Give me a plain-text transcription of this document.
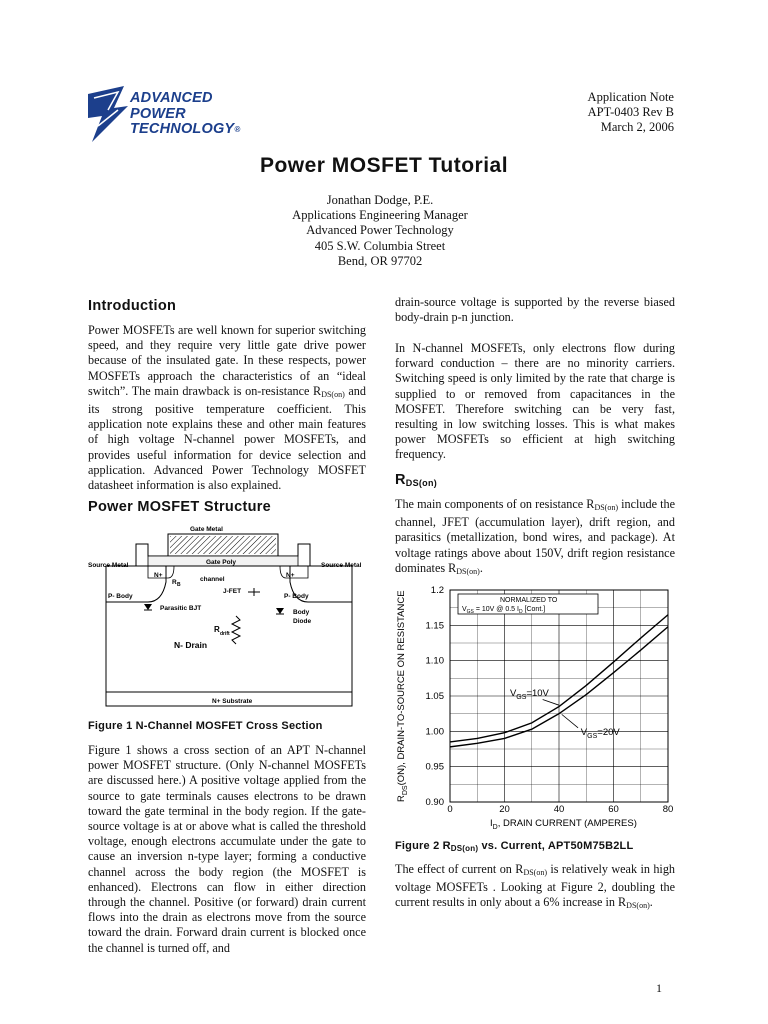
ADVANCED
POWER
TECHNOLOGY®
Application Note
APT-0403 Rev B
March 2, 2006
Power MOSFET Tutorial
Jonathan Dodge, P.E.
Applications Engineering Manager
Advanced Power Technology
405 S.W. Columbia Street
Bend, OR 97702
Introduction
Power MOSFETs are well known for superior switching speed, and they require very little gate drive power because of the insulated gate. In these respects, power MOSFETs approach the characteristics of an “ideal switch”. The main drawback is on-resistance $R_{DS(on)}$ and its strong positive temperature coefficient. This application note explains these and other main features of high voltage N-channel power MOSFETs, and provides useful information for device selection and application. Advanced Power Technology MOSFET datasheet information is also explained.
Power MOSFET Structure
Gate Metal
Gate Poly
Source Metal	Source Metal
N+	N+
R B
channel
J-FET
P- Body	P- Body
Parasitic BJT
Body
Diode
R drift
N- Drain
N+ Substrate
Figure 1 N-Channel MOSFET Cross Section
Figure 1 shows a cross section of an APT N-channel power MOSFET structure. (Only N-channel MOSFETs are discussed here.) A positive voltage applied from the source to gate terminals causes electrons to be drawn toward the gate terminal in the body region. If the gate-source voltage is at or above what is called the threshold voltage, enough electrons accumulate under the gate to cause an inversion n-type layer; forming a conductive channel across the body region (the MOSFET is enhanced). Electrons can flow in either direction through the channel. Positive (or forward) drain current flows into the drain as electrons move from the source toward the drain. Forward drain current is blocked once the channel is turned off, and
drain-source voltage is supported by the reverse biased body-drain p-n junction.
In N-channel MOSFETs, only electrons flow during forward conduction – there are no minority carriers. Switching speed is only limited by the rate that charge is supplied to or removed from capacitances in the MOSFET. Therefore switching can be very fast, resulting in low switching losses. This is what makes power MOSFETs so efficient at high switching frequency.
$R_{DS(on)}$
The main components of on resistance $R_{DS(on)}$ include the channel, JFET (accumulation layer), drift region, and parasitics (metallization, bond wires, and package). At voltage ratings above about 150V, drift region resistance dominates $R_{DS(on)}$.
0	20	40	60	80
0.90
0.95
1.00
1.05
1.10
1.15
1.2
NORMALIZED TO
$V_{GS} = 10V$ @ 0.5 $I_D$ [Cont.]
$V_{GS}=10V$
$V_{GS}=20V$
$R_{DS}(ON)$, DRAIN-TO-SOURCE ON RESISTANCE
$I_D$, DRAIN CURRENT (AMPERES)
Figure 2 $R_{DS(on)}$ vs. Current, APT50M75B2LL
The effect of current on $R_{DS(on)}$ is relatively weak in high voltage MOSFETs . Looking at Figure 2, doubling the current results in only about a 6% increase in $R_{DS(on)}$.
1
